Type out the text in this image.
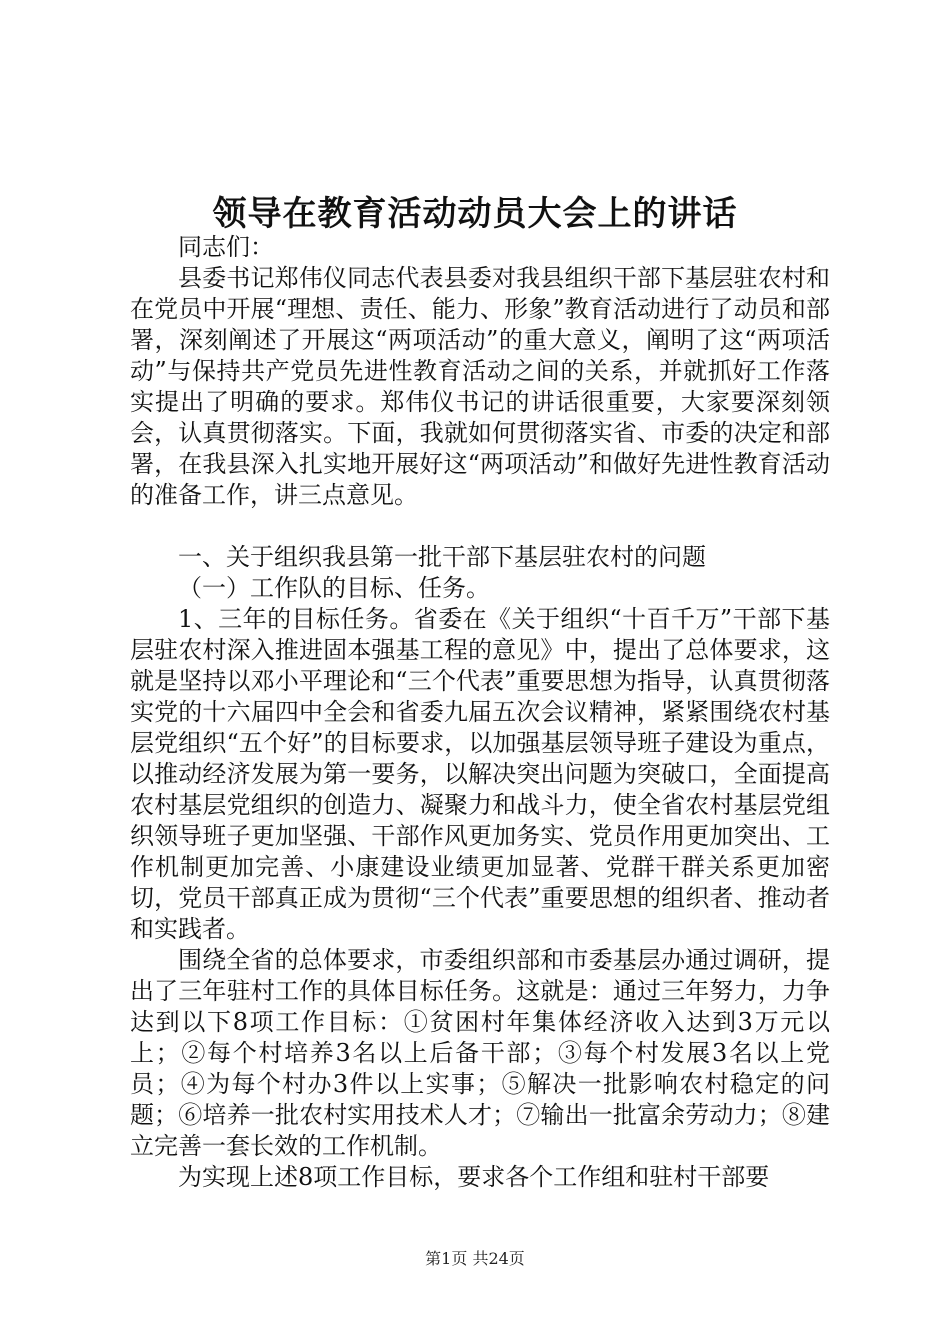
领导在教育活动动员大会上的讲话

同志们：

县委书记郑伟仪同志代表县委对我县组织干部下基层驻农村和在党员中开展“理想、责任、能力、形象”教育活动进行了动员和部署，深刻阐述了开展这“两项活动”的重大意义，阐明了这“两项活动”与保持共产党员先进性教育活动之间的关系，并就抓好工作落实提出了明确的要求。郑伟仪书记的讲话很重要，大家要深刻领会，认真贯彻落实。下面，我就如何贯彻落实省、市委的决定和部署，在我县深入扎实地开展好这“两项活动”和做好先进性教育活动的准备工作，讲三点意见。

一、关于组织我县第一批干部下基层驻农村的问题

（一）工作队的目标、任务。

1、三年的目标任务。省委在《关于组织“十百千万”干部下基层驻农村深入推进固本强基工程的意见》中，提出了总体要求，这就是坚持以邓小平理论和“三个代表”重要思想为指导，认真贯彻落实党的十六届四中全会和省委九届五次会议精神，紧紧围绕农村基层党组织“五个好”的目标要求，以加强基层领导班子建设为重点，以推动经济发展为第一要务，以解决突出问题为突破口，全面提高农村基层党组织的创造力、凝聚力和战斗力，使全省农村基层党组织领导班子更加坚强、干部作风更加务实、党员作用更加突出、工作机制更加完善、小康建设业绩更加显著、党群干群关系更加密切，党员干部真正成为贯彻“三个代表”重要思想的组织者、推动者和实践者。

围绕全省的总体要求，市委组织部和市委基层办通过调研，提出了三年驻村工作的具体目标任务。这就是：通过三年努力，力争达到以下8项工作目标：①贫困村年集体经济收入达到3万元以上；②每个村培养3名以上后备干部；③每个村发展3名以上党员；④为每个村办3件以上实事；⑤解决一批影响农村稳定的问题；⑥培养一批农村实用技术人才；⑦输出一批富余劳动力；⑧建立完善一套长效的工作机制。

为实现上述8项工作目标，要求各个工作组和驻村干部要

第1页 共24页
